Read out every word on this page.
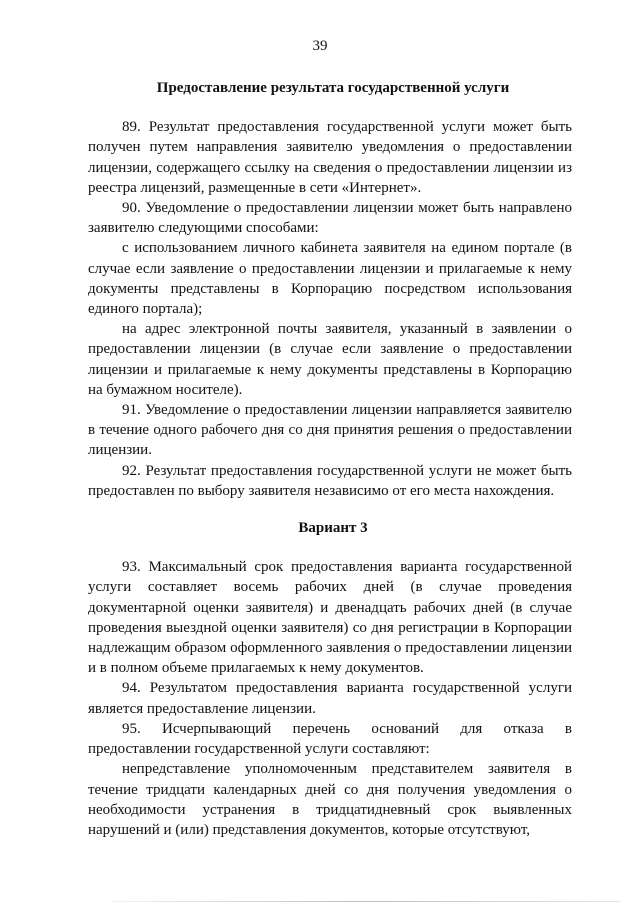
39

Предоставление результата государственной услуги

89. Результат предоставления государственной услуги может быть получен путем направления заявителю уведомления о предоставлении лицензии, содержащего ссылку на сведения о предоставлении лицензии из реестра лицензий, размещенные в сети «Интернет».

90. Уведомление о предоставлении лицензии может быть направлено заявителю следующими способами:

с использованием личного кабинета заявителя на едином портале (в случае если заявление о предоставлении лицензии и прилагаемые к нему документы представлены в Корпорацию посредством использования единого портала);

на адрес электронной почты заявителя, указанный в заявлении о предоставлении лицензии (в случае если заявление о предоставлении лицензии и прилагаемые к нему документы представлены в Корпорацию на бумажном носителе).

91. Уведомление о предоставлении лицензии направляется заявителю в течение одного рабочего дня со дня принятия решения о предоставлении лицензии.

92. Результат предоставления государственной услуги не может быть предоставлен по выбору заявителя независимо от его места нахождения.

Вариант 3

93. Максимальный срок предоставления варианта государственной услуги составляет восемь рабочих дней (в случае проведения документарной оценки заявителя) и двенадцать рабочих дней (в случае проведения выездной оценки заявителя) со дня регистрации в Корпорации надлежащим образом оформленного заявления о предоставлении лицензии и в полном объеме прилагаемых к нему документов.

94. Результатом предоставления варианта государственной услуги является предоставление лицензии.

95. Исчерпывающий перечень оснований для отказа в предоставлении государственной услуги составляют:

непредставление уполномоченным представителем заявителя в течение тридцати календарных дней со дня получения уведомления о необходимости устранения в тридцатидневный срок выявленных нарушений и (или) представления документов, которые отсутствуют,
